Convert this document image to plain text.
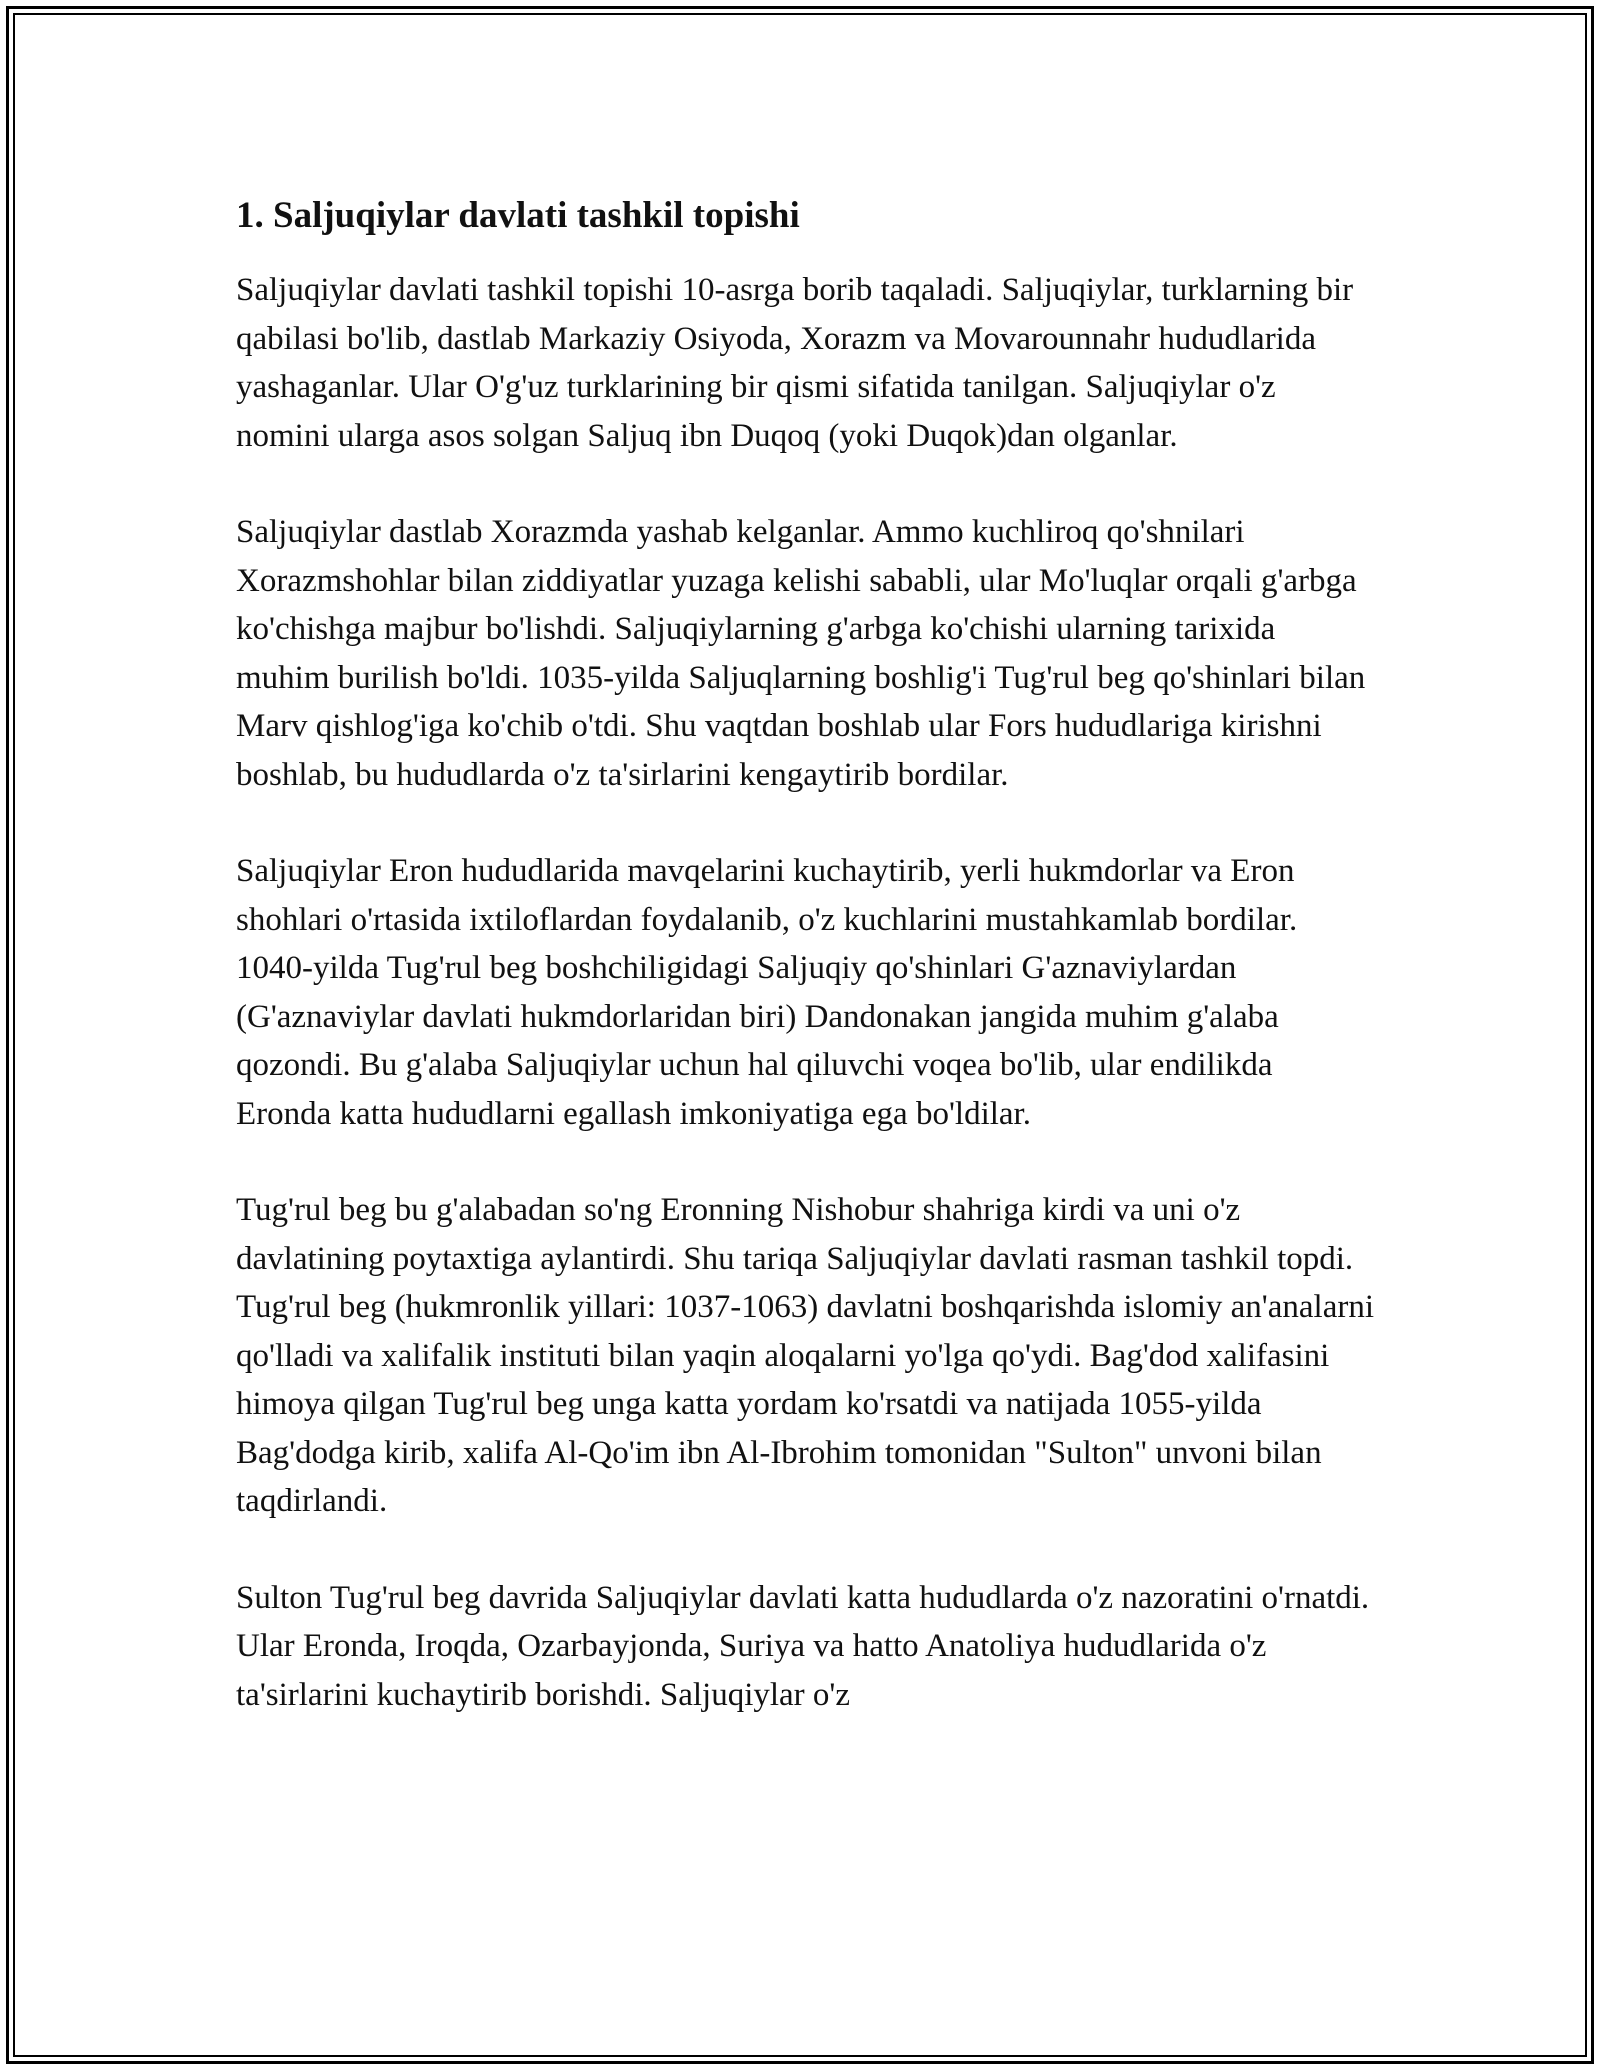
1. Saljuqiylar davlati tashkil topishi

Saljuqiylar davlati tashkil topishi 10-asrga borib taqaladi. Saljuqiylar, turklarning bir qabilasi bo'lib, dastlab Markaziy Osiyoda, Xorazm va Movarounnahr hududlarida yashaganlar. Ular O'g'uz turklarining bir qismi sifatida tanilgan. Saljuqiylar o'z nomini ularga asos solgan Saljuq ibn Duqoq (yoki Duqok)dan olganlar.

Saljuqiylar dastlab Xorazmda yashab kelganlar. Ammo kuchliroq qo'shnilari Xorazmshohlar bilan ziddiyatlar yuzaga kelishi sababli, ular Mo'luqlar orqali g'arbga ko'chishga majbur bo'lishdi. Saljuqiylarning g'arbga ko'chishi ularning tarixida muhim burilish bo'ldi. 1035-yilda Saljuqlarning boshlig'i Tug'rul beg qo'shinlari bilan Marv qishlog'iga ko'chib o'tdi. Shu vaqtdan boshlab ular Fors hududlariga kirishni boshlab, bu hududlarda o'z ta'sirlarini kengaytirib bordilar.

Saljuqiylar Eron hududlarida mavqelarini kuchaytirib, yerli hukmdorlar va Eron shohlari o'rtasida ixtiloflardan foydalanib, o'z kuchlarini mustahkamlab bordilar. 1040-yilda Tug'rul beg boshchiligidagi Saljuqiy qo'shinlari G'aznaviylardan (G'aznaviylar davlati hukmdorlaridan biri) Dandonakan jangida muhim g'alaba qozondi. Bu g'alaba Saljuqiylar uchun hal qiluvchi voqea bo'lib, ular endilikda Eronda katta hududlarni egallash imkoniyatiga ega bo'ldilar.

Tug'rul beg bu g'alabadan so'ng Eronning Nishobur shahriga kirdi va uni o'z davlatining poytaxtiga aylantirdi. Shu tariqa Saljuqiylar davlati rasman tashkil topdi. Tug'rul beg (hukmronlik yillari: 1037-1063) davlatni boshqarishda islomiy an'analarni qo'lladi va xalifalik instituti bilan yaqin aloqalarni yo'lga qo'ydi. Bag'dod xalifasini himoya qilgan Tug'rul beg unga katta yordam ko'rsatdi va natijada 1055-yilda Bag'dodga kirib, xalifa Al-Qo'im ibn Al-Ibrohim tomonidan "Sulton" unvoni bilan taqdirlandi.

Sulton Tug'rul beg davrida Saljuqiylar davlati katta hududlarda o'z nazoratini o'rnatdi. Ular Eronda, Iroqda, Ozarbayjonda, Suriya va hatto Anatoliya hududlarida o'z ta'sirlarini kuchaytirib borishdi. Saljuqiylar o'z
